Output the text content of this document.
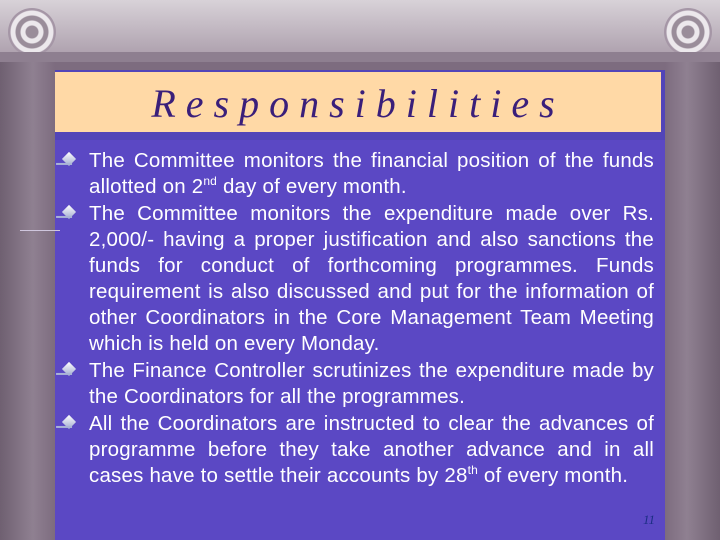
Responsibilities
The Committee monitors the financial position of the funds allotted on 2nd day of every month.
The Committee monitors the expenditure made over Rs. 2,000/- having a proper justification and also sanctions the funds for conduct of forthcoming programmes. Funds requirement is also discussed and put for the information of other Coordinators in the Core Management Team Meeting which is held on every Monday.
The Finance Controller scrutinizes the expenditure made by the Coordinators for all the programmes.
All the Coordinators are instructed to clear the advances of programme before they take another advance and in all cases have to settle their accounts by 28th of every month.
11
